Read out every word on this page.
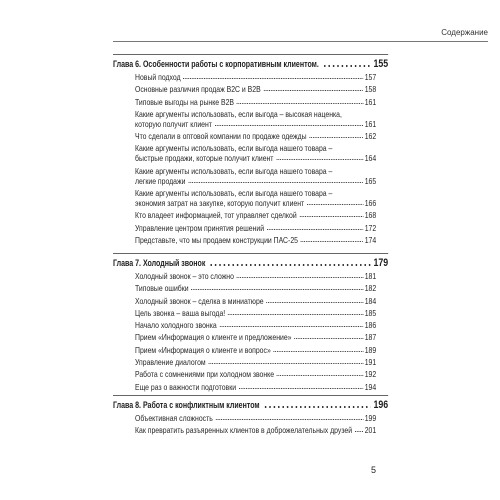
Содержание
Глава 6. Особенности работы с корпоративным клиентом.	155
Новый подход	157
Основные различия продаж B2C и B2B	158
Типовые выгоды на рынке B2B	161
Какие аргументы использовать, если выгода – высокая наценка,
которую получит клиент	161
Что сделали в оптовой компании по продаже одежды	162
Какие аргументы использовать, если выгода нашего товара –
быстрые продажи, которые получит клиент	164
Какие аргументы использовать, если выгода нашего товара –
легкие продажи	165
Какие аргументы использовать, если выгода нашего товара –
экономия затрат на закупке, которую получит клиент	166
Кто владеет информацией, тот управляет сделкой	168
Управление центром принятия решений	172
Представьте, что мы продаем конструкции ПАС-25	174
Глава 7. Холодный звонок	179
Холодный звонок – это сложно	181
Типовые ошибки	182
Холодный звонок – сделка в миниатюре	184
Цель звонка – ваша выгода!	185
Начало холодного звонка	186
Прием «Информация о клиенте и предложение»	187
Прием «Информация о клиенте и вопрос»	189
Управление диалогом	191
Работа с сомнениями при холодном звонке	192
Еще раз о важности подготовки	194
Глава 8. Работа с конфликтным клиентом	196
Объективная сложность	199
Как превратить разъяренных клиентов в доброжелательных друзей 201
5
